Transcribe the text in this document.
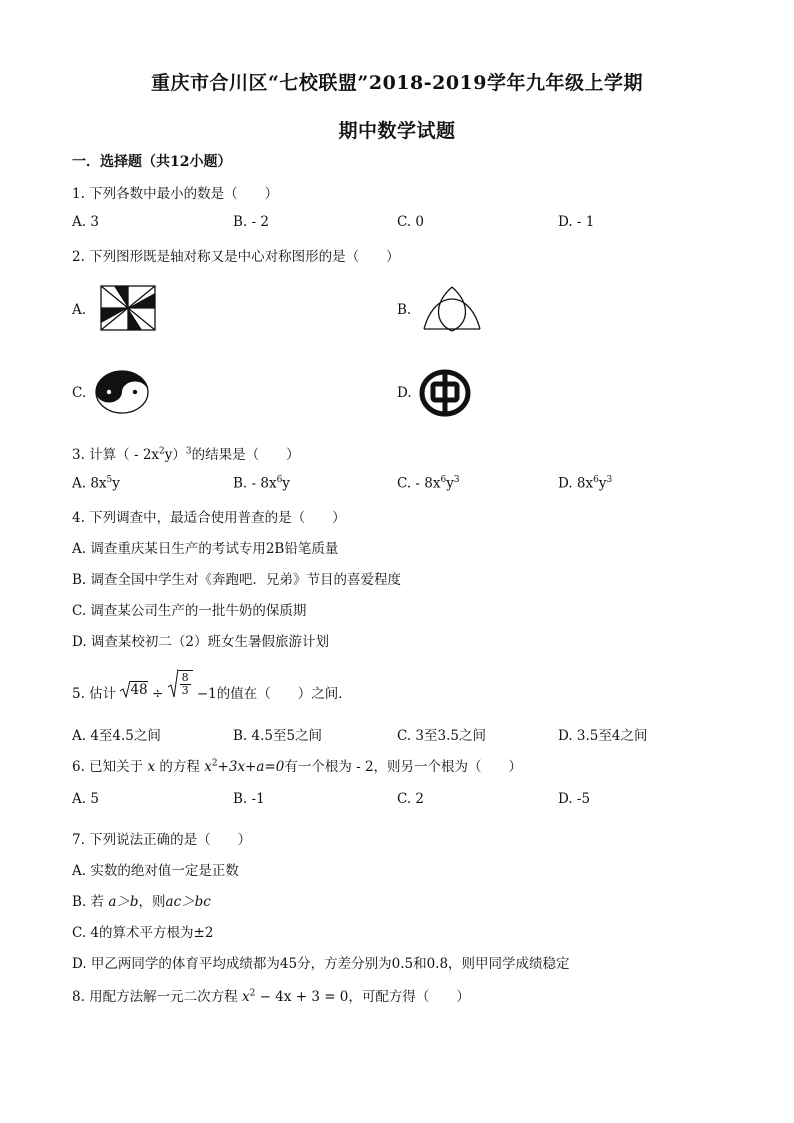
重庆市合川区“七校联盟”2018-2019学年九年级上学期
期中数学试题
一．选择题（共12小题）
1. 下列各数中最小的数是（　　）
A. 3	B. - 2	C. 0	D. - 1
2. 下列图形既是轴对称又是中心对称图形的是（　　）
A.	B.
C.	D.
3. 计算（ - $2x^2y)^3$的结果是（　　）
A. $8x^5y$	B. - $8x^6y$	C. - $8x^6y^3$	D. $8x^6y^3$
4. 下列调查中，最适合使用普查的是（　　）
A. 调查重庆某日生产的考试专用2B铅笔质量
B. 调查全国中学生对《奔跑吧．兄弟》节目的喜爱程度
C. 调查某公司生产的一批牛奶的保质期
D. 调查某校初二（2）班女生暑假旅游计划
5. 估计 $48 \div \frac{8}{3} -1$的值在（　　）之间．
A. 4至4.5之间	B. 4.5至5之间	C. 3至3.5之间	D. 3.5至4之间
6. 已知关于 x 的方程 $x^2+3x+a=0$有一个根为 - 2，则另一个根为（　　）
A. 5	B. -1	C. 2	D. -5
7. 下列说法正确的是（　　）
A. 实数的绝对值一定是正数
B. 若 a＞b，则ac＞bc
C. 4的算术平方根为±2
D. 甲乙两同学的体育平均成绩都为45分，方差分别为0.5和0.8，则甲同学成绩稳定
8. 用配方法解一元二次方程 $x^2 - 4x + 3 = 0$，可配方得（　　）
